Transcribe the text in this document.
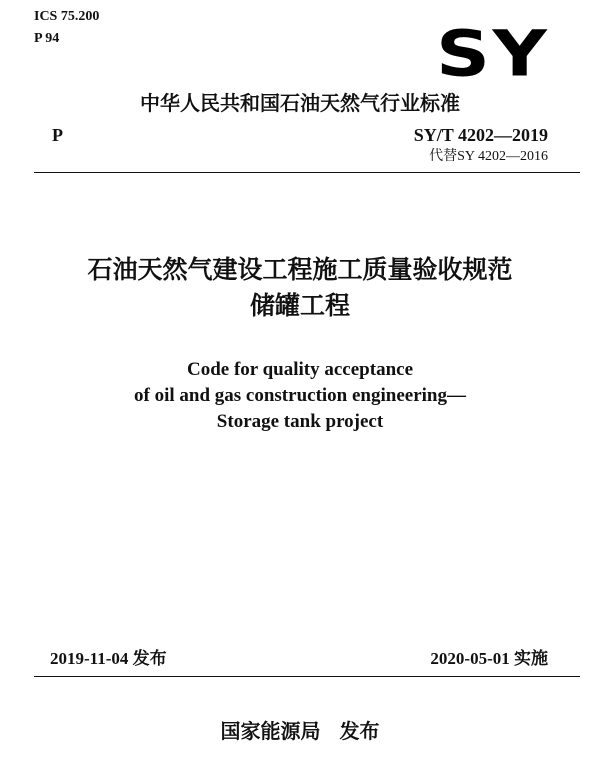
ICS 75.200
P 94	SY
中华人民共和国石油天然气行业标准
P	SY/T 4202—2019
代替SY 4202—2016
石油天然气建设工程施工质量验收规范
储罐工程
Code for quality acceptance
of oil and gas construction engineering—
Storage tank project
2019-11-04 发布	2020-05-01 实施
国家能源局 发布
